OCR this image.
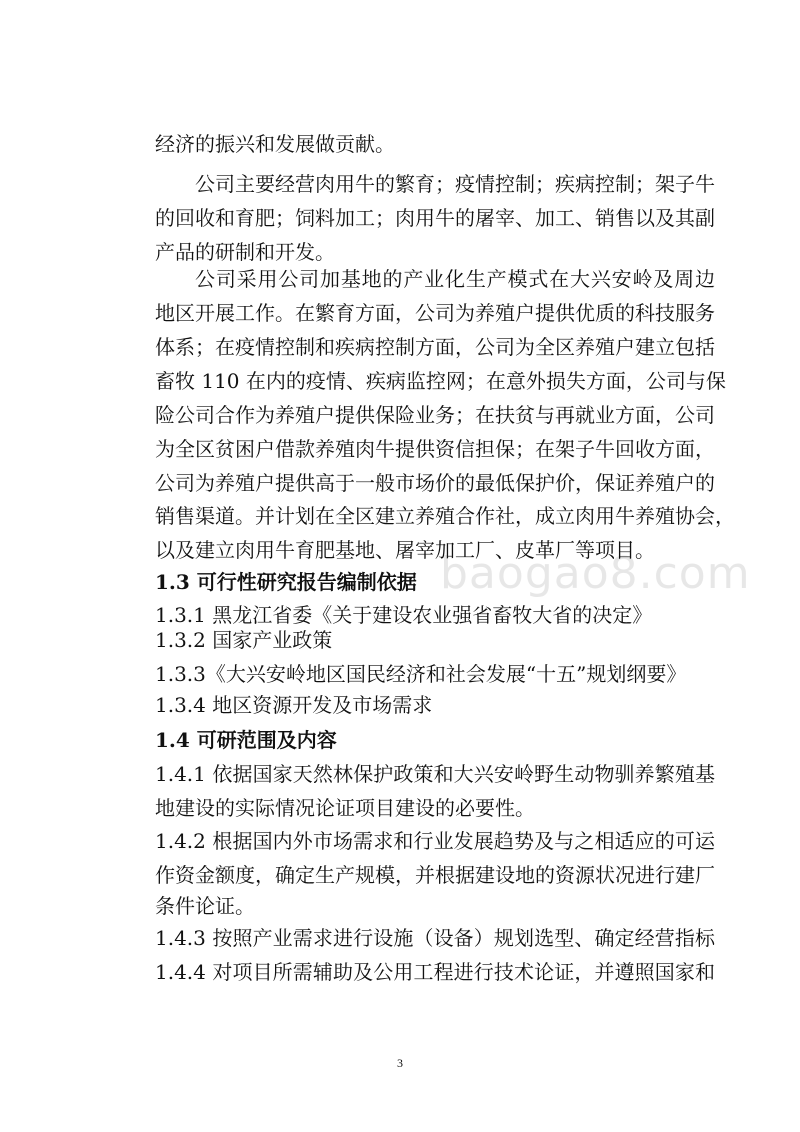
baogao8.com
经济的振兴和发展做贡献。
公司主要经营肉用牛的繁育；疫情控制；疾病控制；架子牛
的回收和育肥；饲料加工；肉用牛的屠宰、加工、销售以及其副
产品的研制和开发。
公司采用公司加基地的产业化生产模式在大兴安岭及周边
地区开展工作。在繁育方面，公司为养殖户提供优质的科技服务
体系；在疫情控制和疾病控制方面，公司为全区养殖户建立包括
畜牧 110 在内的疫情、疾病监控网；在意外损失方面，公司与保
险公司合作为养殖户提供保险业务；在扶贫与再就业方面，公司
为全区贫困户借款养殖肉牛提供资信担保；在架子牛回收方面，
公司为养殖户提供高于一般市场价的最低保护价，保证养殖户的
销售渠道。并计划在全区建立养殖合作社，成立肉用牛养殖协会，
以及建立肉用牛育肥基地、屠宰加工厂、皮革厂等项目。
1.3 可行性研究报告编制依据
1.3.1 黑龙江省委《关于建设农业强省畜牧大省的决定》
1.3.2 国家产业政策
1.3.3《大兴安岭地区国民经济和社会发展“十五”规划纲要》
1.3.4 地区资源开发及市场需求
1.4 可研范围及内容
1.4.1 依据国家天然林保护政策和大兴安岭野生动物驯养繁殖基
地建设的实际情况论证项目建设的必要性。
1.4.2 根据国内外市场需求和行业发展趋势及与之相适应的可运
作资金额度，确定生产规模，并根据建设地的资源状况进行建厂
条件论证。
1.4.3 按照产业需求进行设施（设备）规划选型、确定经营指标
1.4.4 对项目所需辅助及公用工程进行技术论证，并遵照国家和
3
